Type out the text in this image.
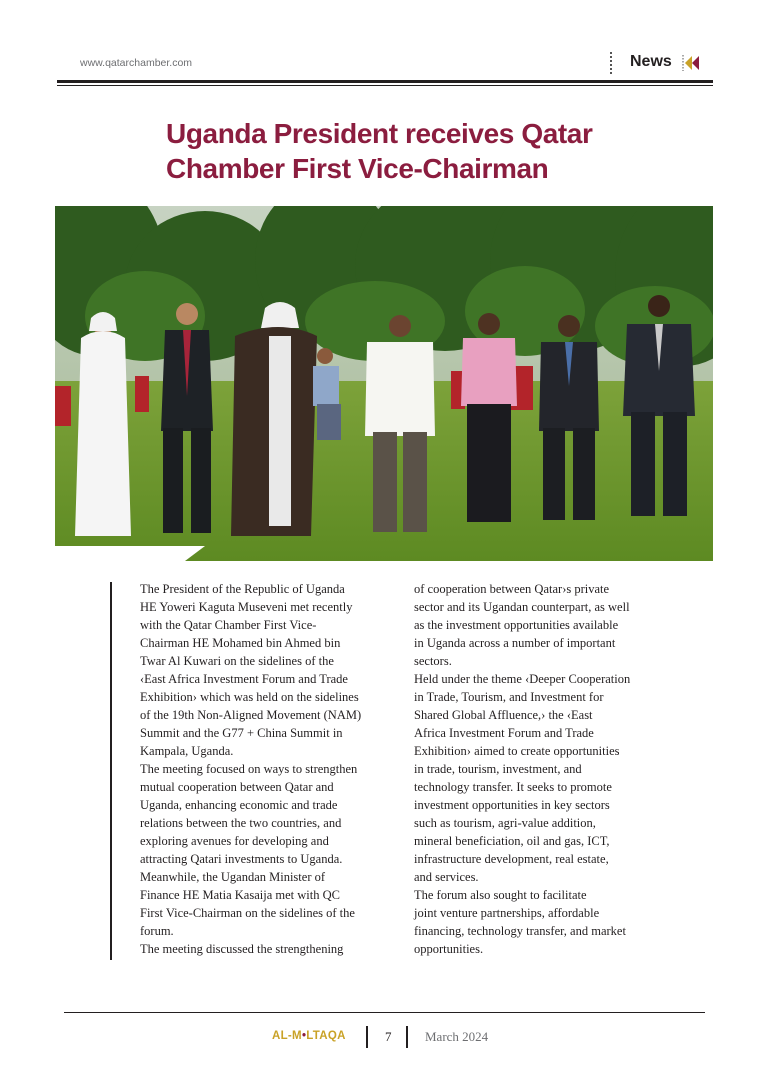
www.qatarchamber.com	News
Uganda President receives Qatar
Chamber First Vice-Chairman

The President of the Republic of Uganda

HE Yoweri Kaguta Museveni met recently

with the Qatar Chamber First Vice-

Chairman HE Mohamed bin Ahmed bin

Twar Al Kuwari on the sidelines of the

‹East Africa Investment Forum and Trade

Exhibition› which was held on the sidelines

of the 19th Non-Aligned Movement (NAM)

Summit and the G77 + China Summit in

Kampala, Uganda.

The meeting focused on ways to strengthen

mutual cooperation between Qatar and

Uganda, enhancing economic and trade

relations between the two countries, and

exploring avenues for developing and

attracting Qatari investments to Uganda.

Meanwhile, the Ugandan Minister of

Finance HE Matia Kasaija met with QC

First Vice-Chairman on the sidelines of the

forum.

The meeting discussed the strengthening

of cooperation between Qatar›s private

sector and its Ugandan counterpart, as well

as the investment opportunities available

in Uganda across a number of important

sectors.

Held under the theme ‹Deeper Cooperation

in Trade, Tourism, and Investment for

Shared Global Affluence,› the ‹East

Africa Investment Forum and Trade

Exhibition› aimed to create opportunities

in trade, tourism, investment, and

technology transfer. It seeks to promote

investment opportunities in key sectors

such as tourism, agri-value addition,

mineral beneficiation, oil and gas, ICT,

infrastructure development, real estate,

and services.

The forum also sought to facilitate

joint venture partnerships, affordable

financing, technology transfer, and market

opportunities.

AL-M•LTAQA	7	March 2024
